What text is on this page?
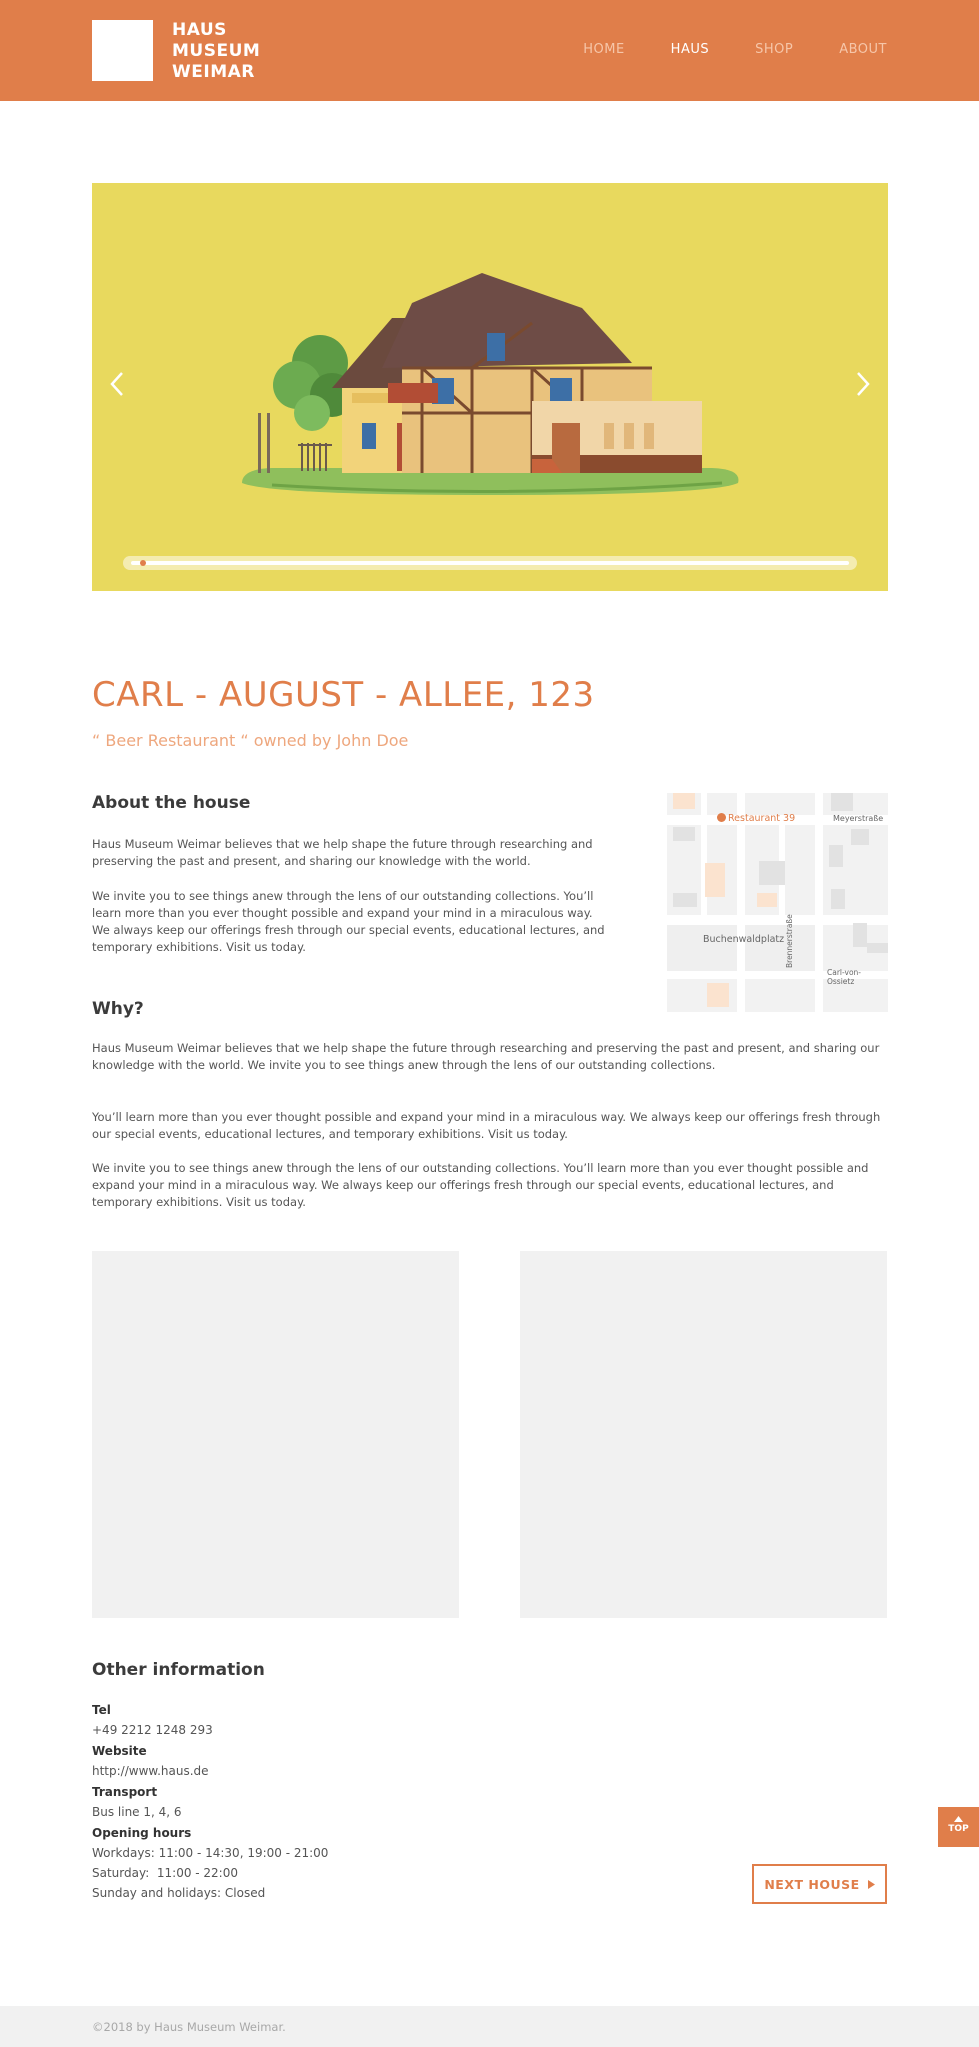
HAUS
MUSEUM
WEIMAR
HOME	HAUS	SHOP	ABOUT
CARL - AUGUST - ALLEE, 123
“ Beer Restaurant “ owned by John Doe
About the house
Haus Museum Weimar believes that we help shape the future through researching and preserving the past and present, and sharing our knowledge with the world.
We invite you to see things anew through the lens of our outstanding collections. You’ll learn more than you ever thought possible and expand your mind in a miraculous way. We always keep our offerings fresh through our special events, educational lectures, and temporary exhibitions. Visit us today.
Restaurant 39	Meyerstraße
Buchenwaldplatz Brennerstraße
Carl-von-Ossietz
Why?
Haus Museum Weimar believes that we help shape the future through researching and preserving the past and present, and sharing our knowledge with the world. We invite you to see things anew through the lens of our outstanding collections.
You’ll learn more than you ever thought possible and expand your mind in a miraculous way. We always keep our offerings fresh through our special events, educational lectures, and temporary exhibitions. Visit us today.
We invite you to see things anew through the lens of our outstanding collections. You’ll learn more than you ever thought possible and expand your mind in a miraculous way. We always keep our offerings fresh through our special events, educational lectures, and temporary exhibitions. Visit us today.
Other information
Tel
+49 2212 1248 293
Website
http://www.haus.de
Transport
Bus line 1, 4, 6
Opening hours
Workdays: 11:00 - 14:30, 19:00 - 21:00
Saturday:  11:00 - 22:00
Sunday and holidays: Closed
NEXT HOUSE
TOP
©2018 by Haus Museum Weimar.
